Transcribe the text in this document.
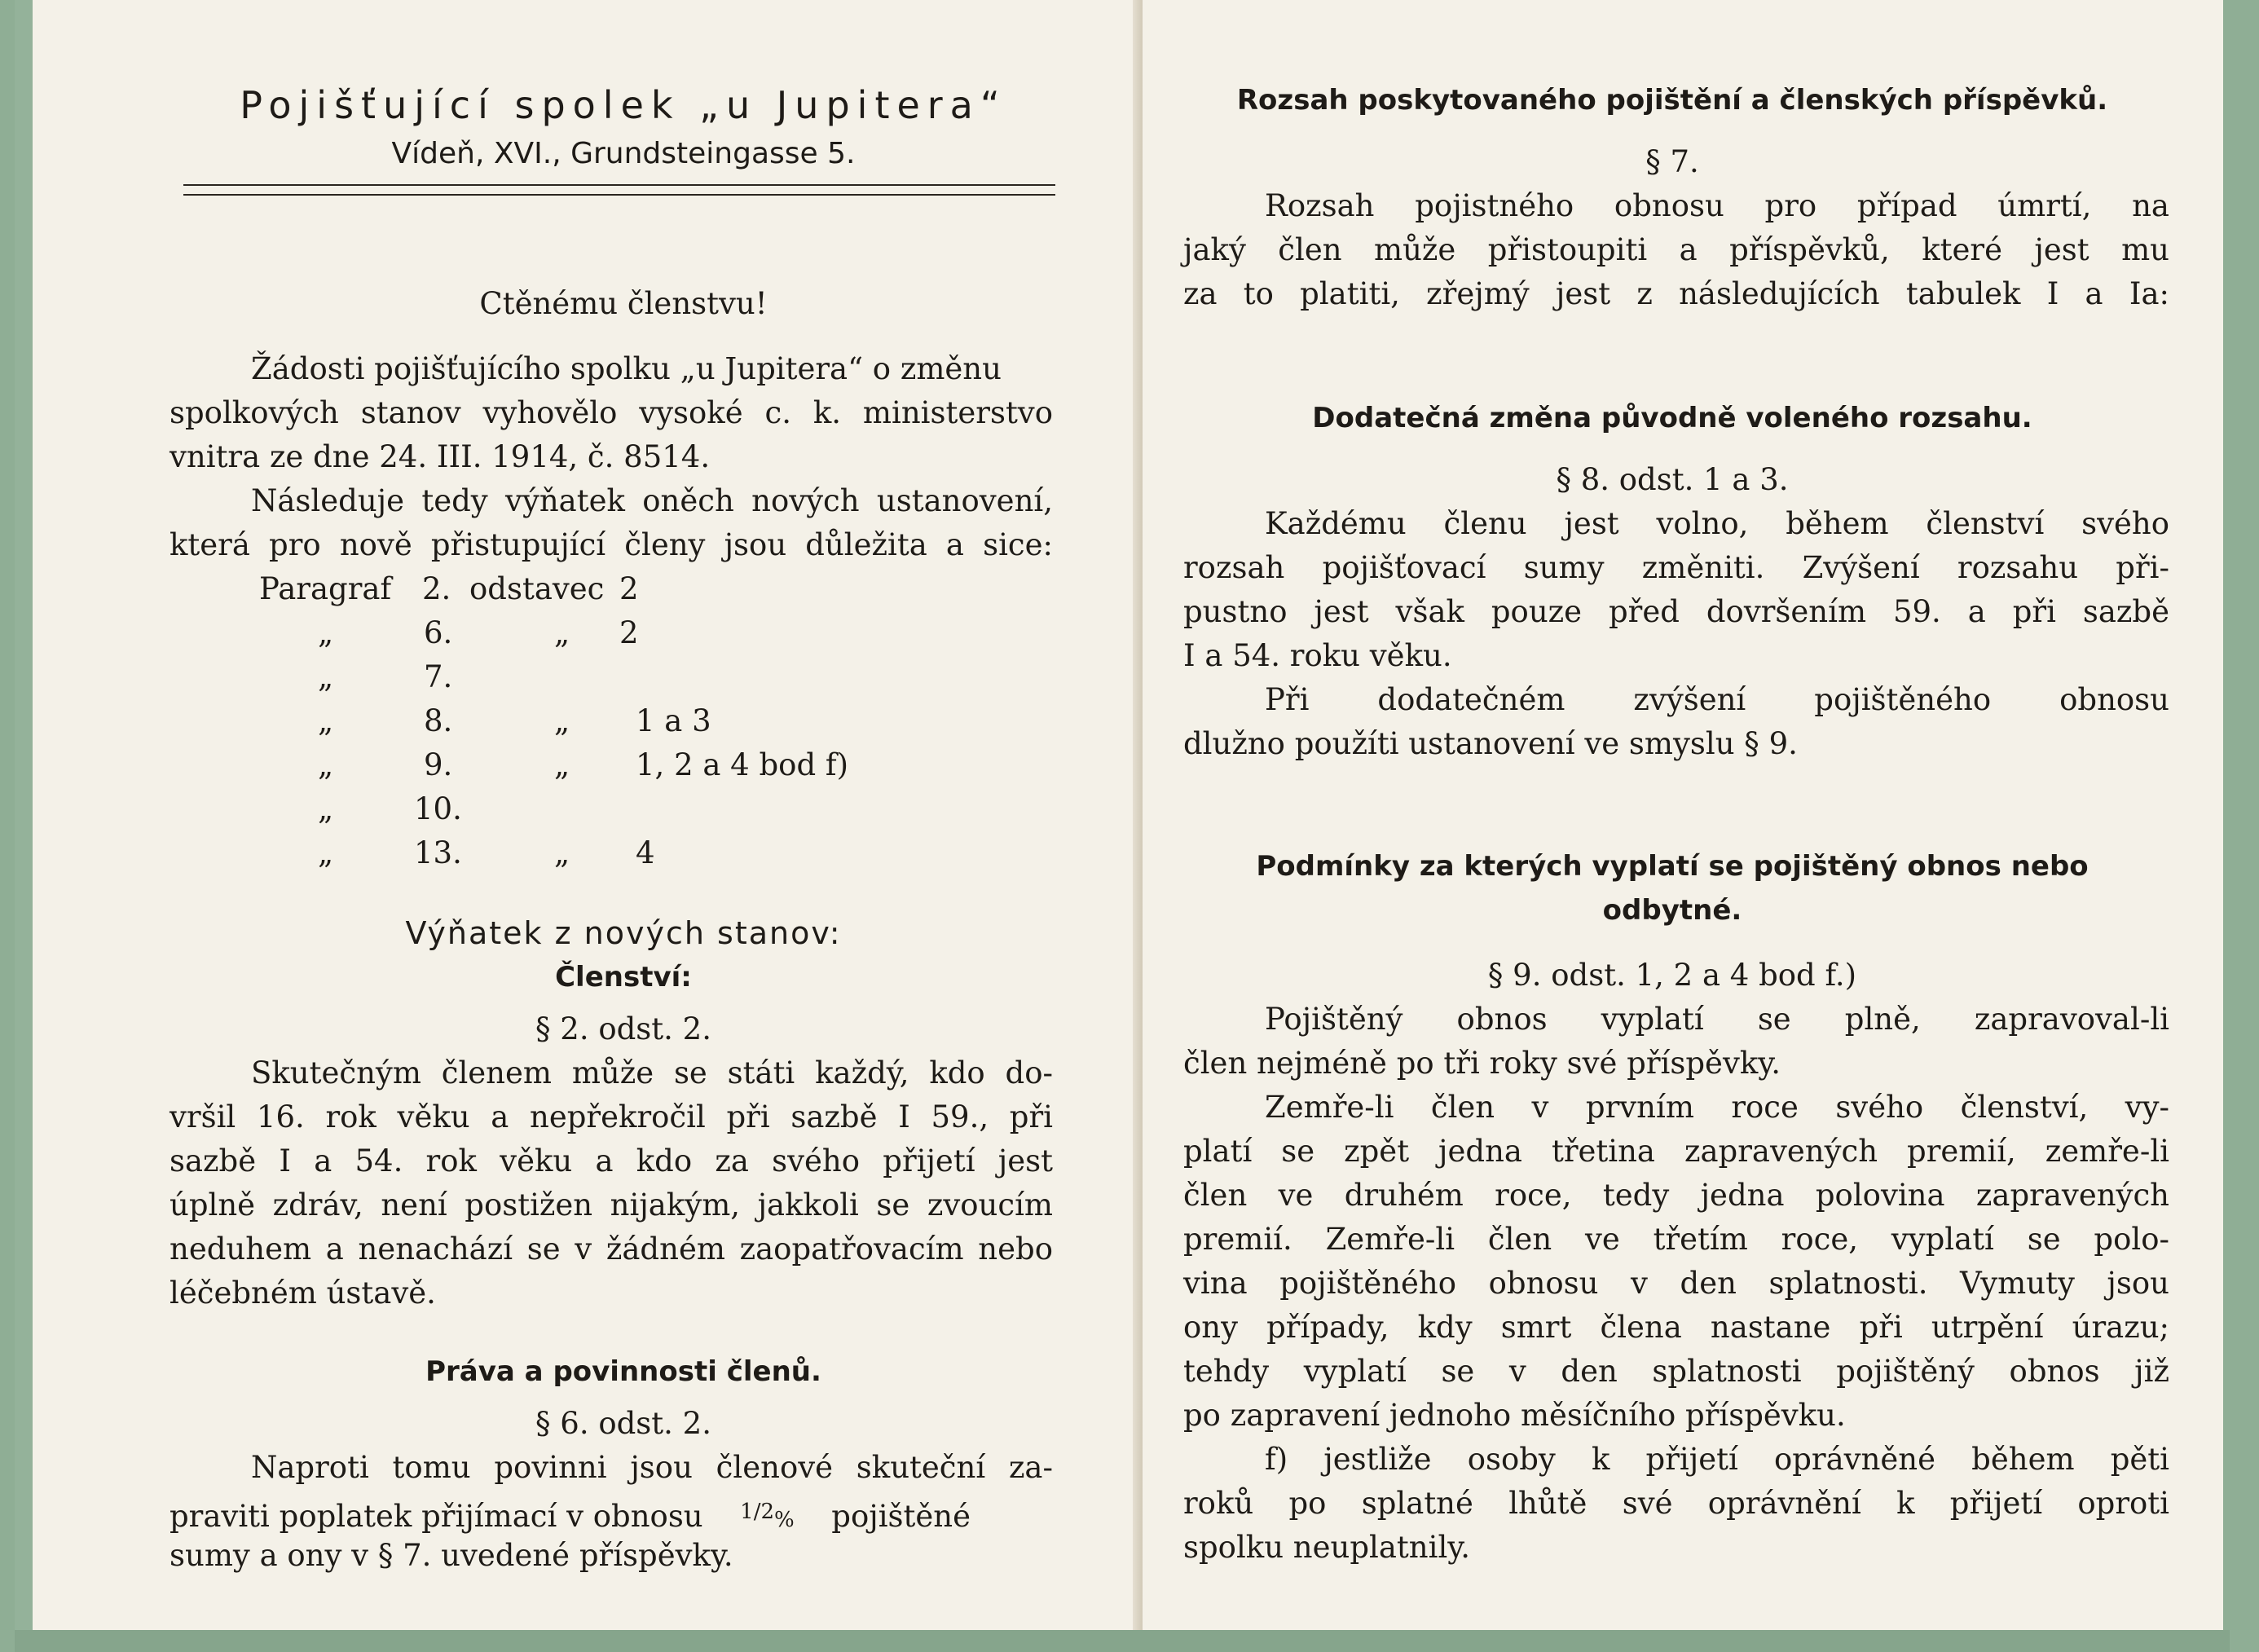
Pojišťující spolek „u Jupitera“
Vídeň, XVI., Grundsteingasse 5.
Ctěnému členstvu!
Žádosti pojišťujícího spolku „u Jupitera“ o změnu
spolkových stanov vyhovělo vysoké c. k. ministerstvo
vnitra ze dne 24. III. 1914, č. 8514.
Následuje tedy výňatek oněch nových ustanovení,
která pro nově přistupující členy jsou důležita a sice:
Paragraf 2. odstavec 2
„	6.	„ 2
„	7.
„	8.	„ 1 a 3
„	9.	„ 1, 2 a 4 bod f)
„	10.
„	13.	„ 4
Výňatek z nových stanov:
Členství:
§ 2. odst. 2.
Skutečným členem může se státi každý, kdo do-
vršil 16. rok věku a nepřekročil při sazbě I 59., při
sazbě I a 54. rok věku a kdo za svého přijetí jest
úplně zdráv, není postižen nijakým, jakkoli se zvoucím
neduhem a nenachází se v žádném zaopatřovacím nebo
léčebném ústavě.
Práva a povinnosti členů.
§ 6. odst. 2.
Naproti tomu povinni jsou členové skuteční za-
praviti poplatek přijímací v obnosu $^{1/2}$% pojištěné
sumy a ony v § 7. uvedené příspěvky.
Rozsah poskytovaného pojištění a členských příspěvků.
§ 7.
Rozsah pojistného obnosu pro případ úmrtí, na
jaký člen může přistoupiti a příspěvků, které jest mu
za to platiti, zřejmý jest z následujících tabulek I a Ia:
Dodatečná změna původně voleného rozsahu.
§ 8. odst. 1 a 3.
Každému členu jest volno, během členství svého
rozsah pojišťovací sumy změniti. Zvýšení rozsahu při-
pustno jest však pouze před dovršením 59. a při sazbě
I a 54. roku věku.
Při dodatečném zvýšení pojištěného obnosu
dlužno použíti ustanovení ve smyslu § 9.
Podmínky za kterých vyplatí se pojištěný obnos nebo
odbytné.
§ 9. odst. 1, 2 a 4 bod f.)
Pojištěný obnos vyplatí se plně, zapravoval-li
člen nejméně po tři roky své příspěvky.
Zemře-li člen v prvním roce svého členství, vy-
platí se zpět jedna třetina zapravených premií, zemře-li
člen ve druhém roce, tedy jedna polovina zapravených
premií. Zemře-li člen ve třetím roce, vyplatí se polo-
vina pojištěného obnosu v den splatnosti. Vymuty jsou
ony případy, kdy smrt člena nastane při utrpění úrazu;
tehdy vyplatí se v den splatnosti pojištěný obnos již
po zapravení jednoho měsíčního příspěvku.
f) jestliže osoby k přijetí oprávněné během pěti
roků po splatné lhůtě své oprávnění k přijetí oproti
spolku neuplatnily.
